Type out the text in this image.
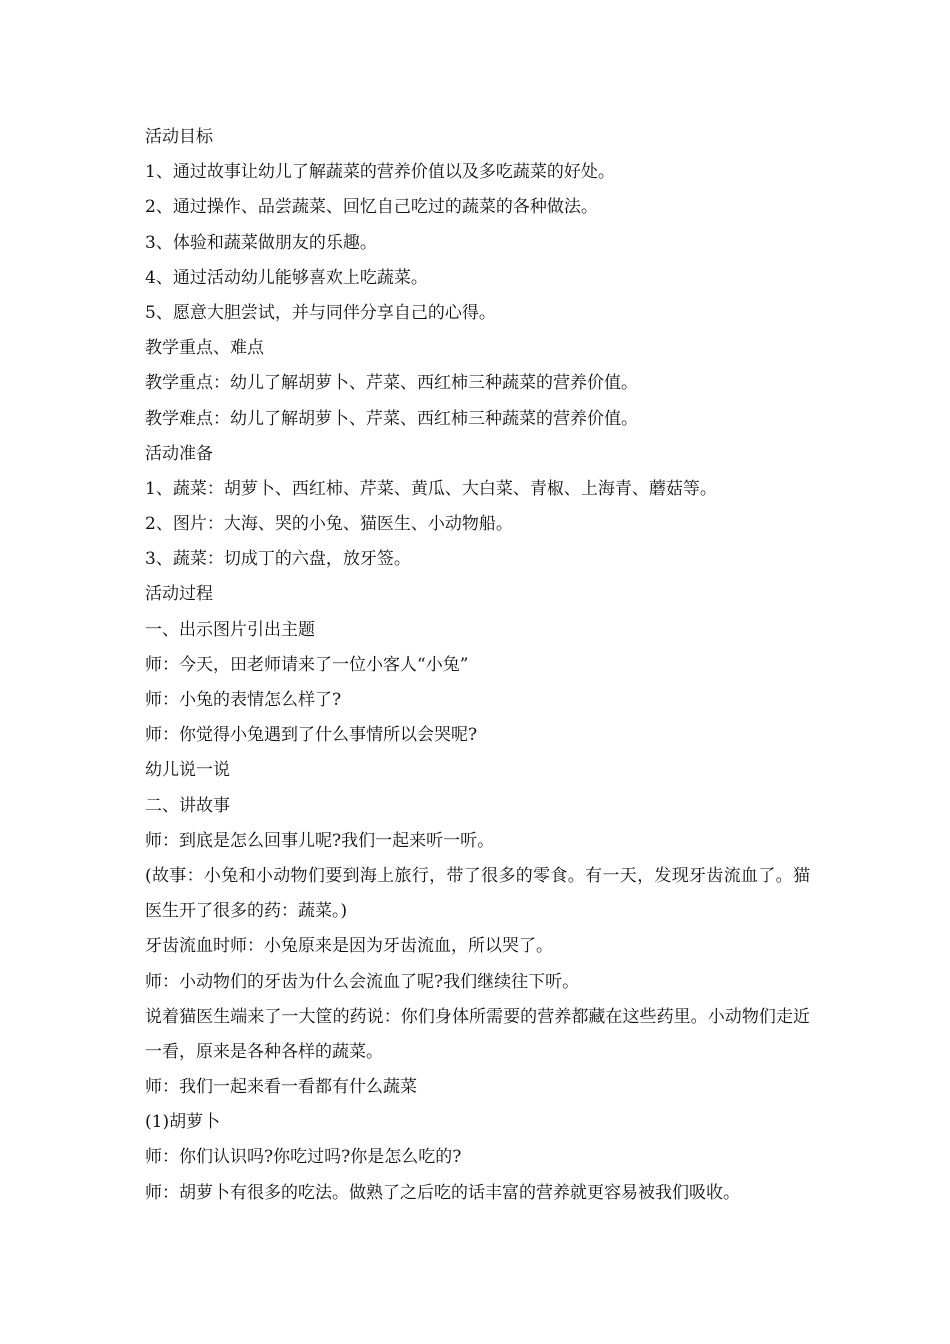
活动目标
1、通过故事让幼儿了解蔬菜的营养价值以及多吃蔬菜的好处。
2、通过操作、品尝蔬菜、回忆自己吃过的蔬菜的各种做法。
3、体验和蔬菜做朋友的乐趣。
4、通过活动幼儿能够喜欢上吃蔬菜。
5、愿意大胆尝试，并与同伴分享自己的心得。
教学重点、难点
教学重点：幼儿了解胡萝卜、芹菜、西红柿三种蔬菜的营养价值。
教学难点：幼儿了解胡萝卜、芹菜、西红柿三种蔬菜的营养价值。
活动准备
1、蔬菜：胡萝卜、西红柿、芹菜、黄瓜、大白菜、青椒、上海青、蘑菇等。
2、图片：大海、哭的小兔、猫医生、小动物船。
3、蔬菜：切成丁的六盘，放牙签。
活动过程
一、出示图片引出主题
师：今天，田老师请来了一位小客人“小兔”
师：小兔的表情怎么样了?
师：你觉得小兔遇到了什么事情所以会哭呢?
幼儿说一说
二、讲故事
师：到底是怎么回事儿呢?我们一起来听一听。
(故事：小兔和小动物们要到海上旅行，带了很多的零食。有一天，发现牙齿流血了。猫医生开了很多的药：蔬菜。)
牙齿流血时师：小兔原来是因为牙齿流血，所以哭了。
师：小动物们的牙齿为什么会流血了呢?我们继续往下听。
说着猫医生端来了一大筐的药说：你们身体所需要的营养都藏在这些药里。小动物们走近一看，原来是各种各样的蔬菜。
师：我们一起来看一看都有什么蔬菜
(1)胡萝卜
师：你们认识吗?你吃过吗?你是怎么吃的?
师：胡萝卜有很多的吃法。做熟了之后吃的话丰富的营养就更容易被我们吸收。
